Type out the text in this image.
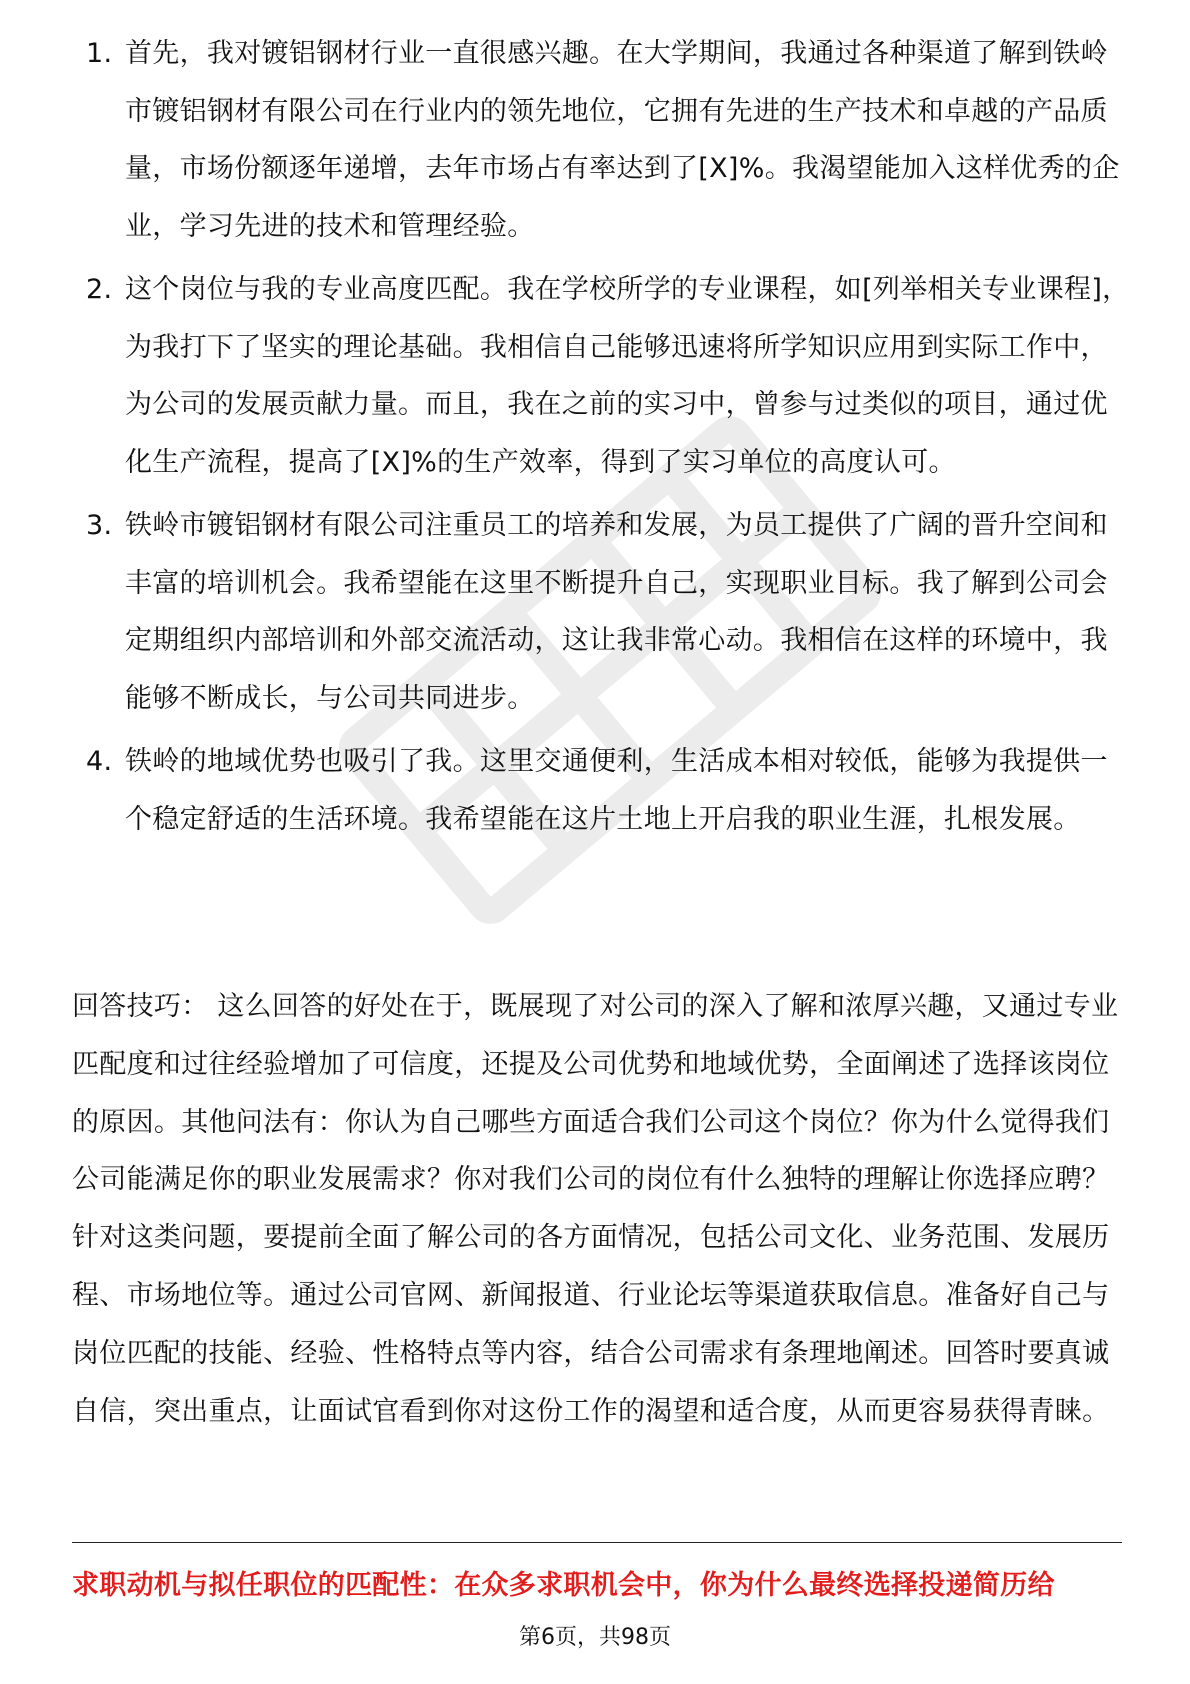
1. 首先，我对镀铝钢材行业一直很感兴趣。在大学期间，我通过各种渠道了解到铁岭市镀铝钢材有限公司在行业内的领先地位，它拥有先进的生产技术和卓越的产品质量，市场份额逐年递增，去年市场占有率达到了[X]%。我渴望能加入这样优秀的企业，学习先进的技术和管理经验。
2. 这个岗位与我的专业高度匹配。我在学校所学的专业课程，如[列举相关专业课程]，为我打下了坚实的理论基础。我相信自己能够迅速将所学知识应用到实际工作中，为公司的发展贡献力量。而且，我在之前的实习中，曾参与过类似的项目，通过优化生产流程，提高了[X]%的生产效率，得到了实习单位的高度认可。
3. 铁岭市镀铝钢材有限公司注重员工的培养和发展，为员工提供了广阔的晋升空间和丰富的培训机会。我希望能在这里不断提升自己，实现职业目标。我了解到公司会定期组织内部培训和外部交流活动，这让我非常心动。我相信在这样的环境中，我能够不断成长，与公司共同进步。
4. 铁岭的地域优势也吸引了我。这里交通便利，生活成本相对较低，能够为我提供一个稳定舒适的生活环境。我希望能在这片土地上开启我的职业生涯，扎根发展。

回答技巧： 这么回答的好处在于，既展现了对公司的深入了解和浓厚兴趣，又通过专业匹配度和过往经验增加了可信度，还提及公司优势和地域优势，全面阐述了选择该岗位的原因。其他问法有：你认为自己哪些方面适合我们公司这个岗位？你为什么觉得我们公司能满足你的职业发展需求？你对我们公司的岗位有什么独特的理解让你选择应聘？针对这类问题，要提前全面了解公司的各方面情况，包括公司文化、业务范围、发展历程、市场地位等。通过公司官网、新闻报道、行业论坛等渠道获取信息。准备好自己与岗位匹配的技能、经验、性格特点等内容，结合公司需求有条理地阐述。回答时要真诚自信，突出重点，让面试官看到你对这份工作的渴望和适合度，从而更容易获得青睐。

求职动机与拟任职位的匹配性：在众多求职机会中，你为什么最终选择投递简历给
第6页，共98页
